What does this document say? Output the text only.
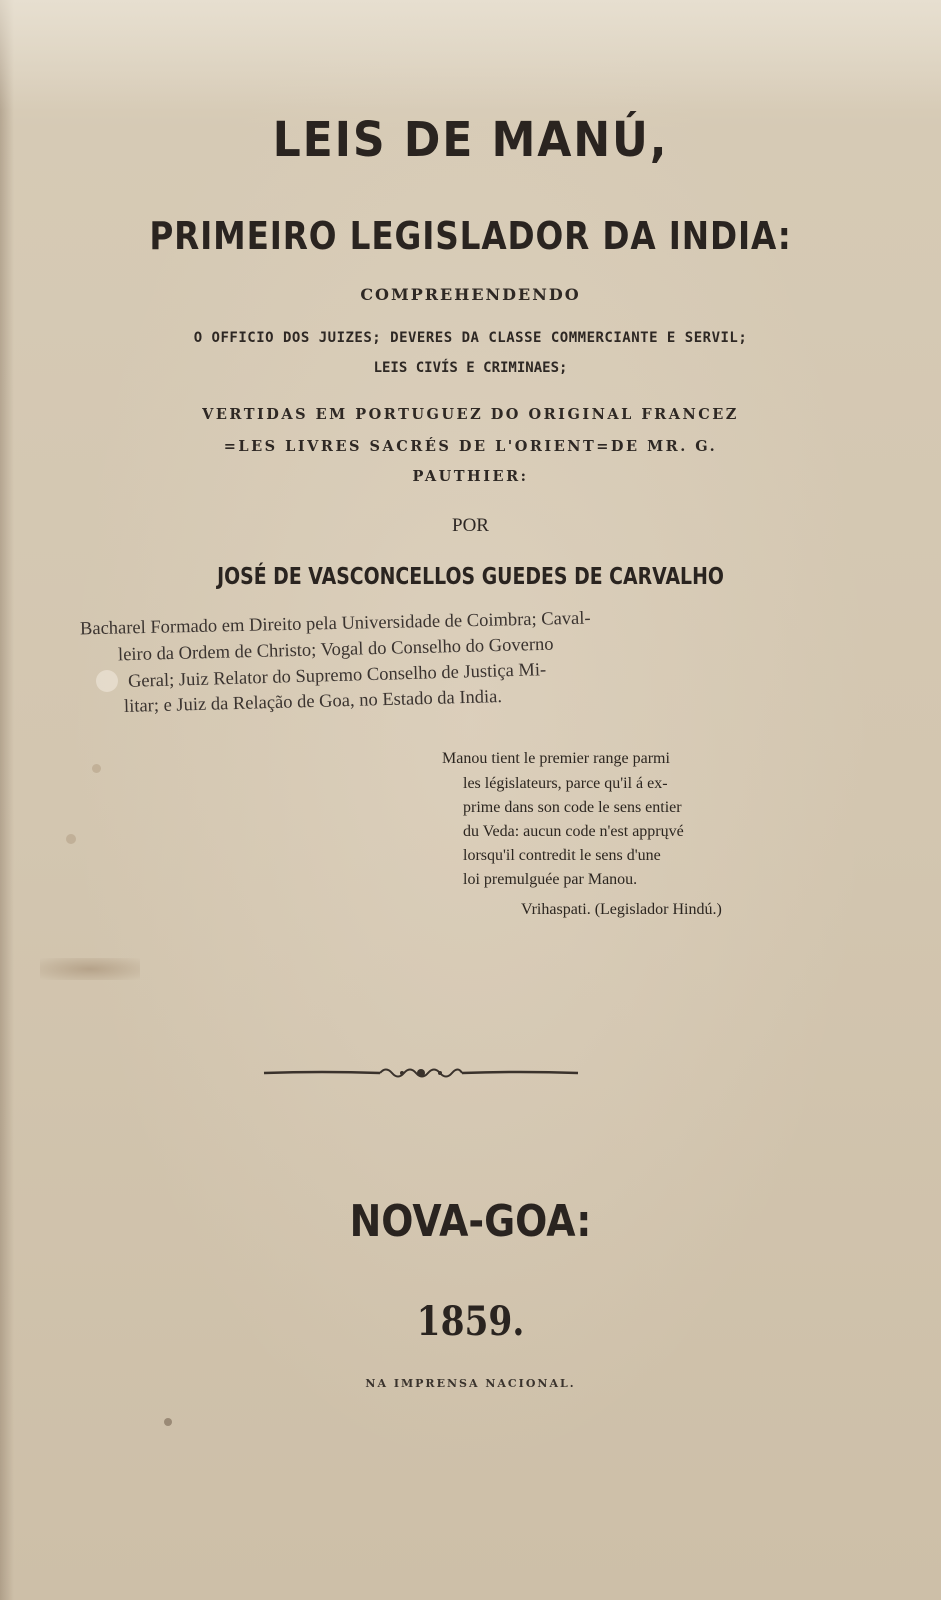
LEIS DE MANÚ,
PRIMEIRO LEGISLADOR DA INDIA:
COMPREHENDENDO
O OFFICIO DOS JUIZES; DEVERES DA CLASSE COMMERCIANTE E SERVIL;
LEIS CIVÍS E CRIMINAES;
VERTIDAS EM PORTUGUEZ DO ORIGINAL FRANCEZ
=LES LIVRES SACRÉS DE L'ORIENT=DE MR. G.
PAUTHIER:
POR
JOSÉ DE VASCONCELLOS GUEDES DE CARVALHO
Bacharel Formado em Direito pela Universidade de Coimbra; Caval-
leiro da Ordem de Christo; Vogal do Conselho do Governo
Geral; Juiz Relator do Supremo Conselho de Justiça Mi-
litar; e Juiz da Relação de Goa, no Estado da India.
Manou tient le premier range parmi
les législateurs, parce qu'il á ex-
prime dans son code le sens entier
du Veda: aucun code n'est apprųvé
lorsqu'il contredit le sens d'une
loi premulguée par Manou.
Vrihaspati. (Legislador Hindú.)
NOVA-GOA:
1859.
NA IMPRENSA NACIONAL.
